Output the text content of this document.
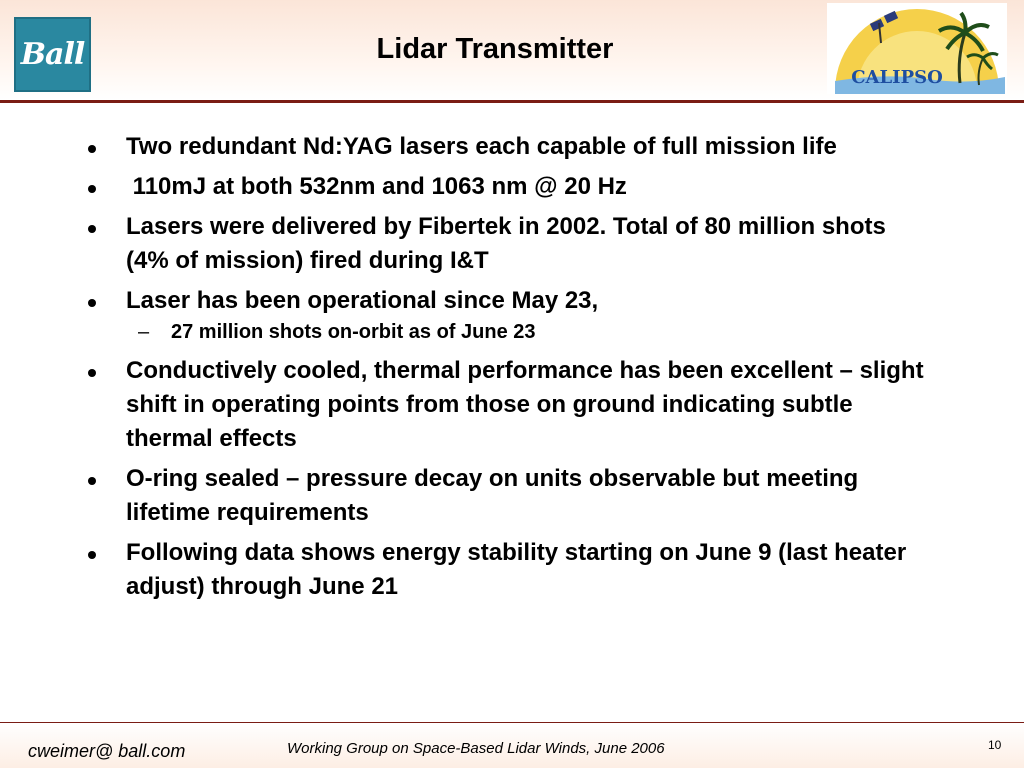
Ball	Lidar Transmitter
CALIPSO
Two redundant Nd:YAG lasers each capable of full mission life
110mJ at both 532nm and 1063 nm @ 20 Hz
Lasers were delivered by Fibertek in 2002. Total of 80 million shots (4% of mission) fired during I&T
Laser has been operational since May 23,
– 27 million shots on-orbit as of June 23
Conductively cooled, thermal performance has been excellent – slight shift in operating points from those on ground indicating subtle thermal effects
O-ring sealed – pressure decay on units observable but meeting lifetime requirements
Following data shows energy stability starting on June 9 (last heater adjust) through June 21
cweimer@ ball.com	Working Group on Space-Based Lidar Winds, June 2006	10
